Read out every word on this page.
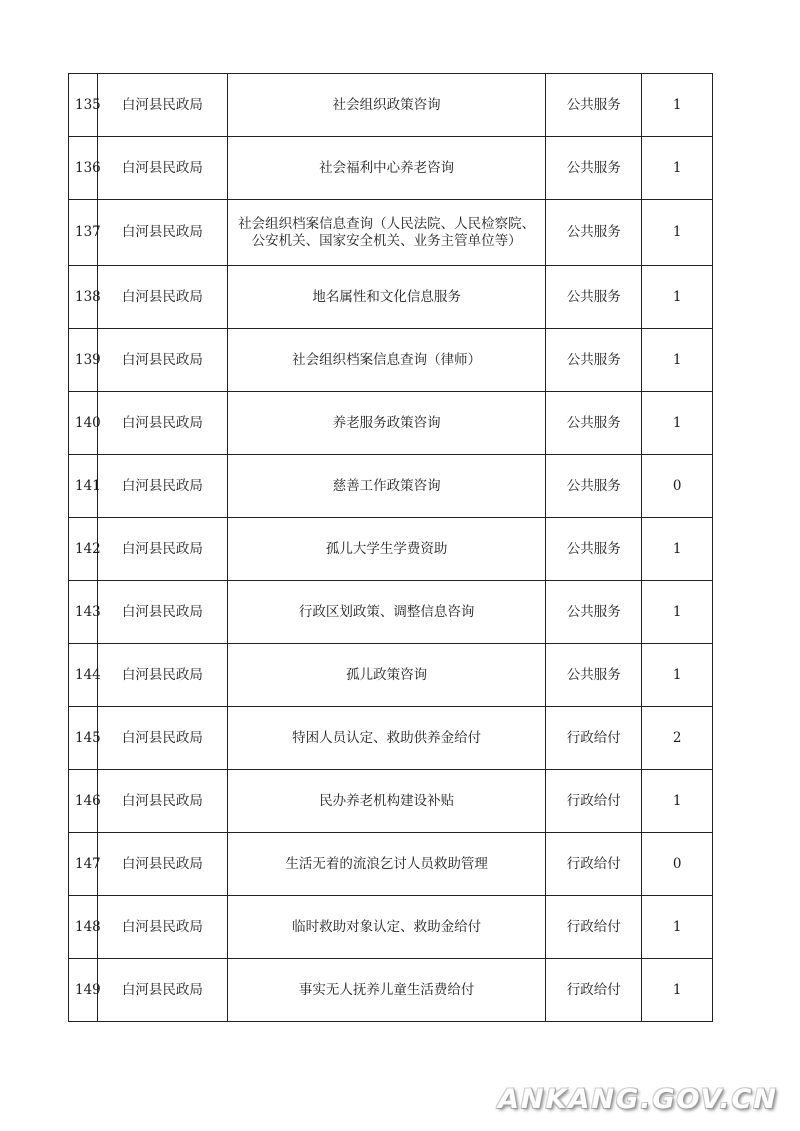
135	白河县民政局	社会组织政策咨询	公共服务	1
136	白河县民政局	社会福利中心养老咨询	公共服务	1
137	白河县民政局	社会组织档案信息查询（人民法院、人民检察院、公安机关、国家安全机关、业务主管单位等）	公共服务	1
138	白河县民政局	地名属性和文化信息服务	公共服务	1
139	白河县民政局	社会组织档案信息查询（律师）	公共服务	1
140	白河县民政局	养老服务政策咨询	公共服务	1
141	白河县民政局	慈善工作政策咨询	公共服务	0
142	白河县民政局	孤儿大学生学费资助	公共服务	1
143	白河县民政局	行政区划政策、调整信息咨询	公共服务	1
144	白河县民政局	孤儿政策咨询	公共服务	1
145	白河县民政局	特困人员认定、救助供养金给付	行政给付	2
146	白河县民政局	民办养老机构建设补贴	行政给付	1
147	白河县民政局	生活无着的流浪乞讨人员救助管理	行政给付	0
148	白河县民政局	临时救助对象认定、救助金给付	行政给付	1
149	白河县民政局	事实无人抚养儿童生活费给付	行政给付	1
ANKANG.GOV.CN
